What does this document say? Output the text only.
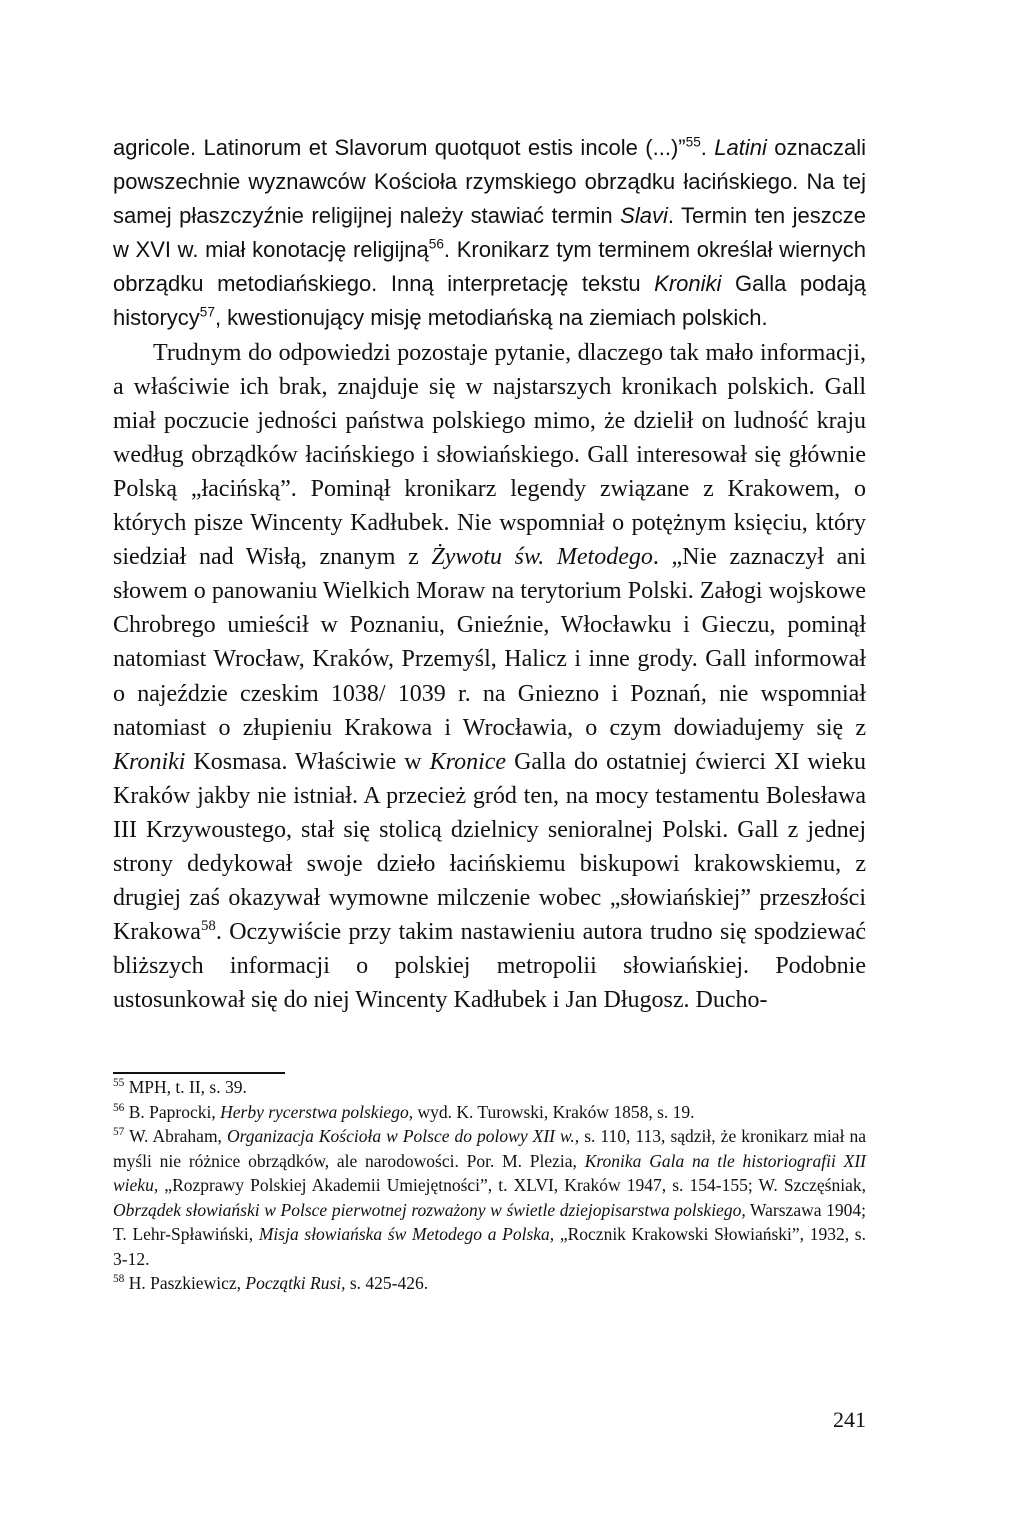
agricole. Latinorum et Slavorum quotquot estis incole (...)”$^{55}$. Latini oznaczali powszechnie wyznawców Kościoła rzymskiego obrządku łacińskiego. Na tej samej płaszczyźnie religijnej należy stawiać termin Slavi. Termin ten jeszcze w XVI w. miał konotację religijną$^{56}$. Kronikarz tym terminem określał wiernych obrządku metodiańskiego. Inną interpretację tekstu Kroniki Galla podają historycy$^{57}$, kwestionujący misję metodiańską na ziemiach polskich.

Trudnym do odpowiedzi pozostaje pytanie, dlaczego tak mało informacji, a właściwie ich brak, znajduje się w najstarszych kronikach polskich. Gall miał poczucie jedności państwa polskiego mimo, że dzielił on ludność kraju według obrządków łacińskiego i słowiańskiego. Gall interesował się głównie Polską „łacińską”. Pominął kronikarz legendy związane z Krakowem, o których pisze Wincenty Kadłubek. Nie wspomniał o potężnym księciu, który siedział nad Wisłą, znanym z Żywotu św. Metodego. „Nie zaznaczył ani słowem o panowaniu Wielkich Moraw na terytorium Polski. Załogi wojskowe Chrobrego umieścił w Poznaniu, Gnieźnie, Włocławku i Gieczu, pominął natomiast Wrocław, Kraków, Przemyśl, Halicz i inne grody. Gall informował o najeździe czeskim 1038/ 1039 r. na Gniezno i Poznań, nie wspomniał natomiast o złupieniu Krakowa i Wrocławia, o czym dowiadujemy się z Kroniki Kosmasa. Właściwie w Kronice Galla do ostatniej ćwierci XI wieku Kraków jakby nie istniał. A przecież gród ten, na mocy testamentu Bolesława III Krzywoustego, stał się stolicą dzielnicy senioralnej Polski. Gall z jednej strony dedykował swoje dzieło łacińskiemu biskupowi krakowskiemu, z drugiej zaś okazywał wymowne milczenie wobec „słowiańskiej” przeszłości Krakowa$^{58}$. Oczywiście przy takim nastawieniu autora trudno się spodziewać bliższych informacji o polskiej metropolii słowiańskiej. Podobnie ustosunkował się do niej Wincenty Kadłubek i Jan Długosz. Ducho-

$^{55}$ MPH, t. II, s. 39.

$^{56}$ B. Paprocki, Herby rycerstwa polskiego, wyd. K. Turowski, Kraków 1858, s. 19.

$^{57}$ W. Abraham, Organizacja Kościoła w Polsce do polowy XII w., s. 110, 113, sądził, że kronikarz miał na myśli nie różnice obrządków, ale narodowości. Por. M. Plezia, Kronika Gala na tle historiografii XII wieku, „Rozprawy Polskiej Akademii Umiejętności”, t. XLVI, Kraków 1947, s. 154-155; W. Szczęśniak, Obrządek słowiański w Polsce pierwotnej rozważony w świetle dziejopisarstwa polskiego, Warszawa 1904; T. Lehr-Spławiński, Misja słowiańska św Metodego a Polska, „Rocznik Krakowski Słowiański”, 1932, s. 3-12.

$^{58}$ H. Paszkiewicz, Początki Rusi, s. 425-426.

241
